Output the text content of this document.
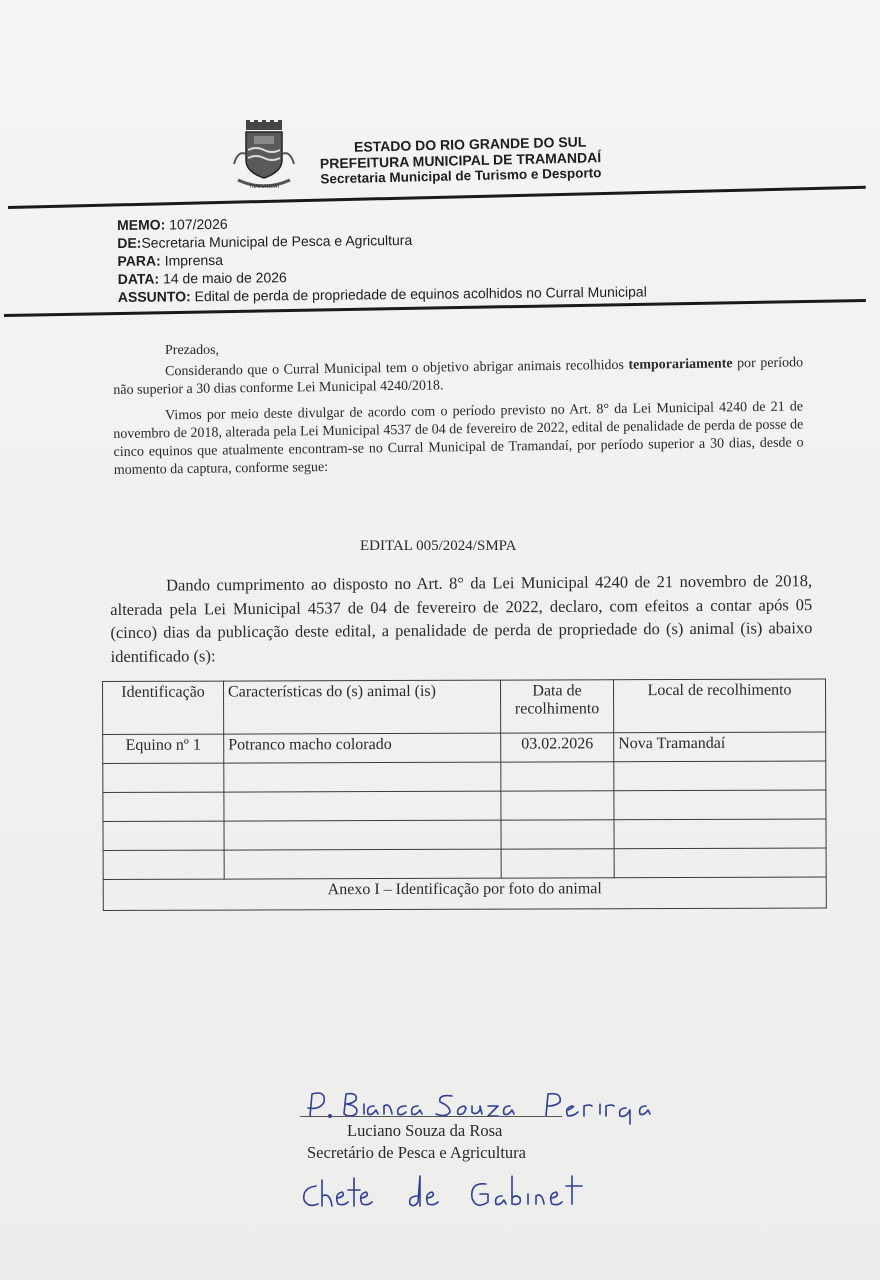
TRAMANDAÍ
ESTADO DO RIO GRANDE DO SUL
PREFEITURA MUNICIPAL DE TRAMANDAÍ
Secretaria Municipal de Turismo e Desporto
MEMO: 107/2026
DE:Secretaria Municipal de Pesca e Agricultura
PARA: Imprensa
DATA: 14 de maio de 2026
ASSUNTO: Edital de perda de propriedade de equinos acolhidos no Curral Municipal
Prezados,
Considerando que o Curral Municipal tem o objetivo abrigar animais recolhidos temporariamente por período não superior a 30 dias conforme Lei Municipal 4240/2018.
Vimos por meio deste divulgar de acordo com o período previsto no Art. 8° da Lei Municipal 4240 de 21 de novembro de 2018, alterada pela Lei Municipal 4537 de 04 de fevereiro de 2022, edital de penalidade de perda de posse de cinco equinos que atualmente encontram-se no Curral Municipal de Tramandaí, por período superior a 30 dias, desde o momento da captura, conforme segue:
EDITAL 005/2024/SMPA
Dando cumprimento ao disposto no Art. 8° da Lei Municipal 4240 de 21 novembro de 2018, alterada pela Lei Municipal 4537 de 04 de fevereiro de 2022, declaro, com efeitos a contar após 05 (cinco) dias da publicação deste edital, a penalidade de perda de propriedade do (s) animal (is) abaixo identificado (s):
Identificação	Características do (s) animal (is)	Data de recolhimento	Local de recolhimento
Equino nº 1	Potranco macho colorado	03.02.2026	Nova Tramandaí

Anexo I – Identificação por foto do animal			
Luciano Souza da Rosa
Secretário de Pesca e Agricultura
